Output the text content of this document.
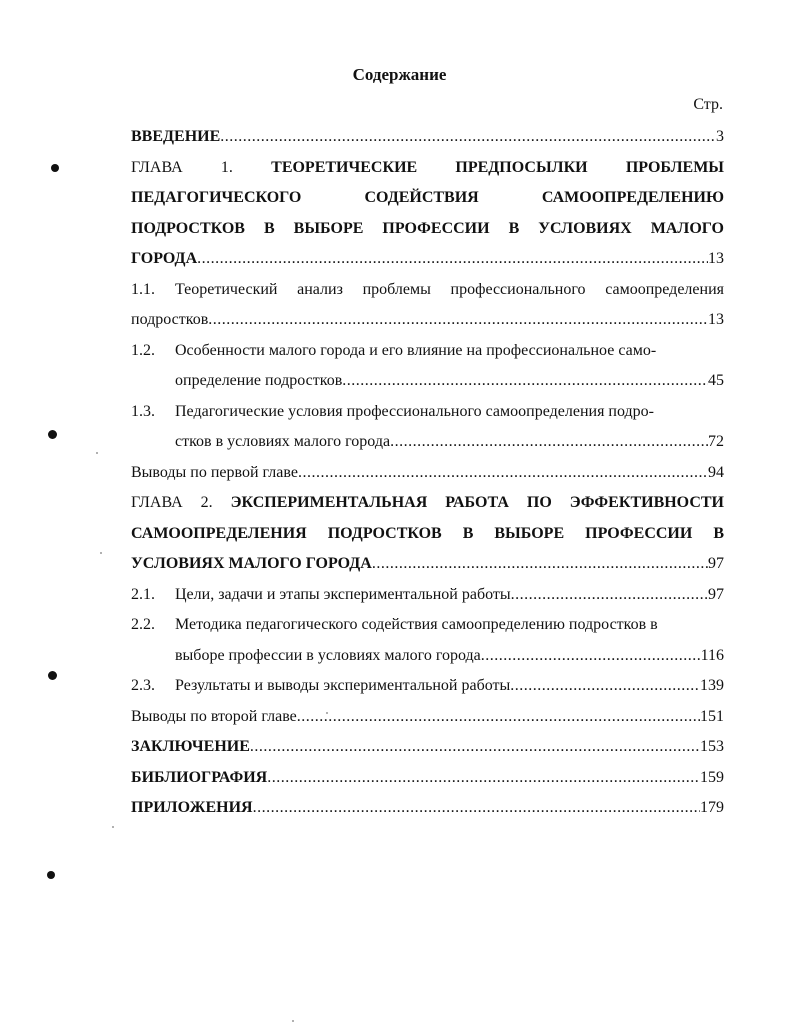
Содержание
Стр.
ВВЕДЕНИЕ .....	3
ГЛАВА 1. ТЕОРЕТИЧЕСКИЕ ПРЕДПОСЫЛКИ ПРОБЛЕМЫ
ПЕДАГОГИЧЕСКОГО СОДЕЙСТВИЯ САМООПРЕДЕЛЕНИЮ
ПОДРОСТКОВ В ВЫБОРЕ ПРОФЕССИИ В УСЛОВИЯХ МАЛОГО
ГОРОДА .....	13
1.1. Теоретический анализ проблемы профессионального самоопределения
подростков .....	13
1.2. Особенности малого города и его влияние на профессиональное само-
определение подростков .....	45
1.3. Педагогические условия профессионального самоопределения подро-
стков в условиях малого города .....	72
Выводы по первой главе .....	94
ГЛАВА 2. ЭКСПЕРИМЕНТАЛЬНАЯ РАБОТА ПО ЭФФЕКТИВНОСТИ
САМООПРЕДЕЛЕНИЯ ПОДРОСТКОВ В ВЫБОРЕ ПРОФЕССИИ В
УСЛОВИЯХ МАЛОГО ГОРОДА .....	97
2.1. Цели, задачи и этапы экспериментальной работы .....	97
2.2. Методика педагогического содействия самоопределению подростков в
выборе профессии в условиях малого города .....	116
2.3. Результаты и выводы экспериментальной работы .....	139
Выводы по второй главе .....	151
ЗАКЛЮЧЕНИЕ .....	153
БИБЛИОГРАФИЯ .....	159
ПРИЛОЖЕНИЯ .....	179
